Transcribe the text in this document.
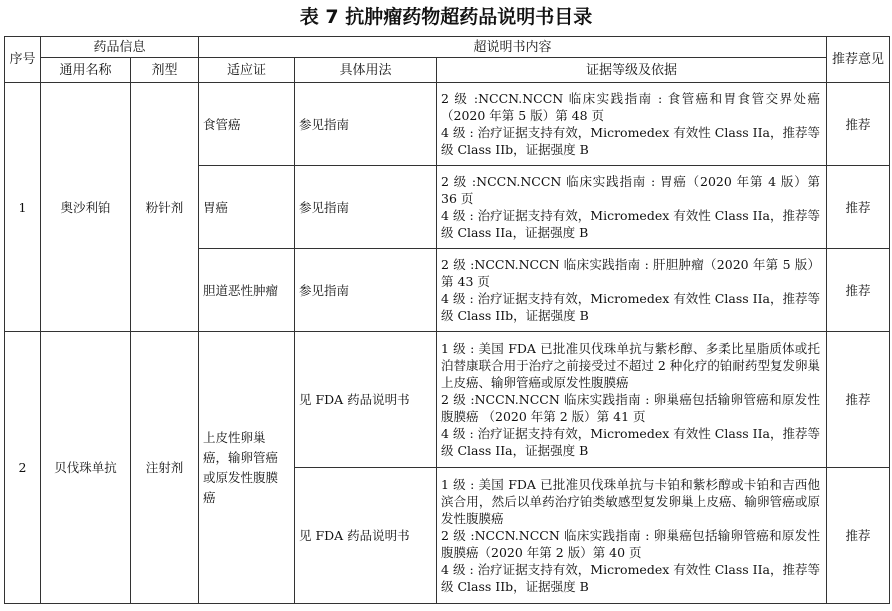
表 7 抗肿瘤药物超药品说明书目录
序号	药品信息		超说明书内容			推荐意见
	通用名称	剂型	适应证	具体用法	证据等级及依据	
1	奥沙利铂	粉针剂	食管癌	参见指南	2 级 :NCCN.NCCN 临床实践指南 : 食管癌和胃食管交界处癌（2020 年第 5 版）第 48 页
4 级 : 治疗证据支持有效，Micromedex 有效性 Class IIa，推荐等级 Class IIb，证据强度 B	推荐
			胃癌	参见指南	2 级 :NCCN.NCCN 临床实践指南 : 胃癌（2020 年第 4 版）第 36 页
4 级 : 治疗证据支持有效，Micromedex 有效性 Class IIa，推荐等级 Class IIa，证据强度 B	推荐
			胆道恶性肿瘤	参见指南	2 级 :NCCN.NCCN 临床实践指南 : 肝胆肿瘤（2020 年第 5 版）第 43 页
4 级 : 治疗证据支持有效，Micromedex 有效性 Class IIa，推荐等级 Class IIb，证据强度 B	推荐
2	贝伐珠单抗	注射剂	上皮性卵巢癌，输卵管癌或原发性腹膜癌	见 FDA 药品说明书	1 级 : 美国 FDA 已批准贝伐珠单抗与紫杉醇、多柔比星脂质体或托泊替康联合用于治疗之前接受过不超过 2 种化疗的铂耐药型复发卵巢上皮癌、输卵管癌或原发性腹膜癌
2 级 :NCCN.NCCN 临床实践指南 : 卵巢癌包括输卵管癌和原发性腹膜癌 （2020 年第 2 版）第 41 页
4 级 : 治疗证据支持有效，Micromedex 有效性 Class IIa，推荐等级 Class IIa，证据强度 B	推荐
				见 FDA 药品说明书	1 级 : 美国 FDA 已批准贝伐珠单抗与卡铂和紫杉醇或卡铂和吉西他滨合用，然后以单药治疗铂类敏感型复发卵巢上皮癌、输卵管癌或原发性腹膜癌
2 级 :NCCN.NCCN 临床实践指南 : 卵巢癌包括输卵管癌和原发性腹膜癌（2020 年第 2 版）第 40 页
4 级 : 治疗证据支持有效，Micromedex 有效性 Class IIa，推荐等级 Class IIb，证据强度 B	推荐
